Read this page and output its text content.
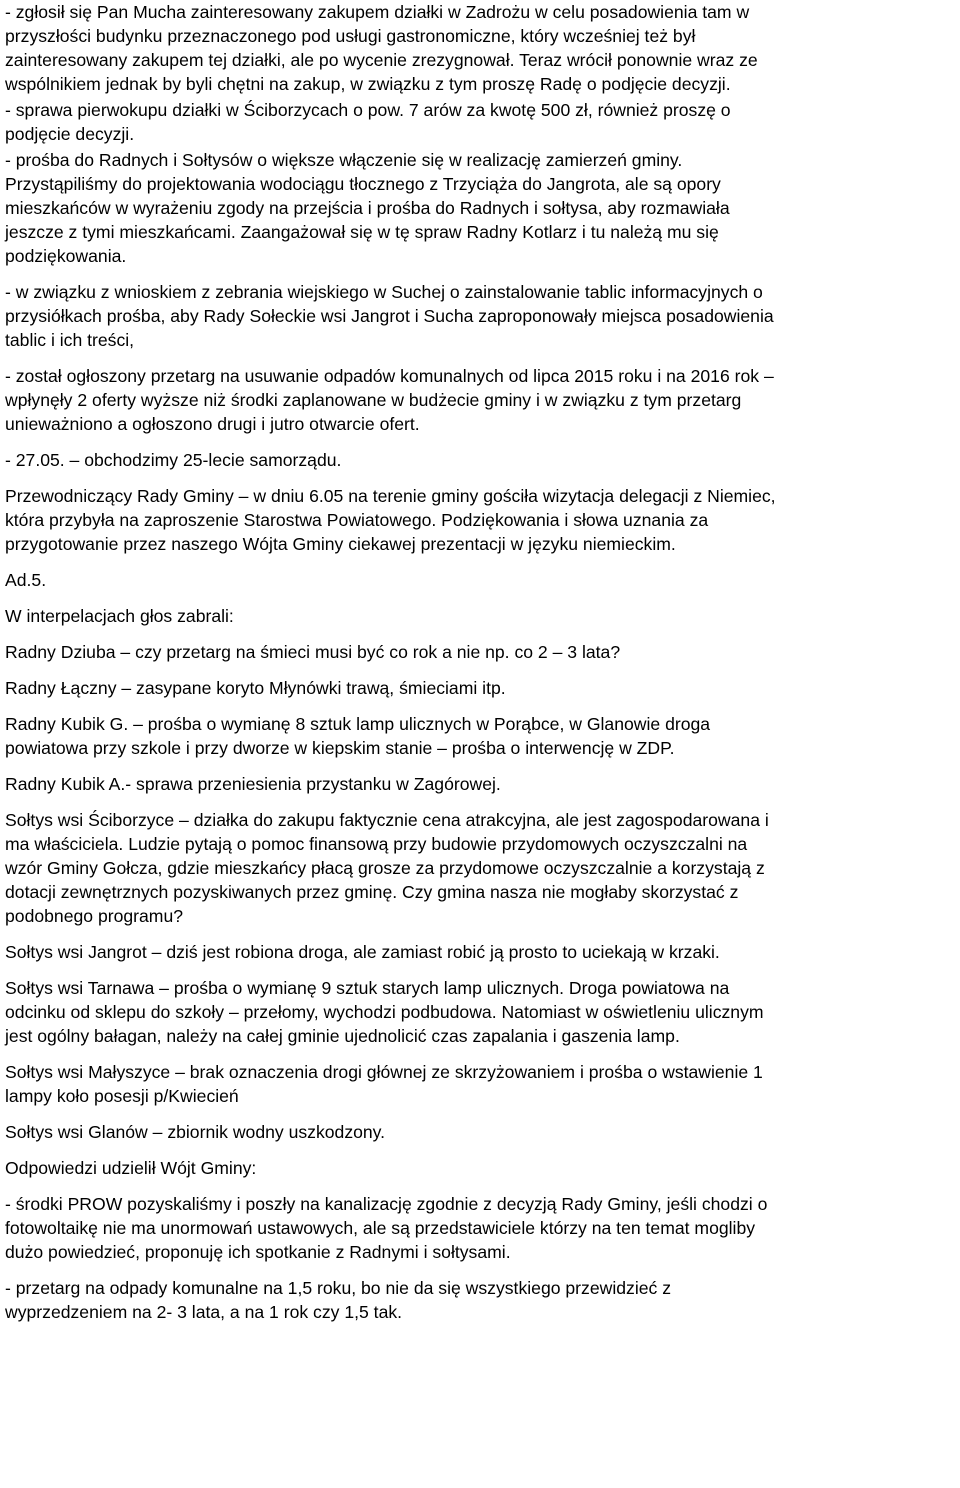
- zgłosił się Pan Mucha zainteresowany zakupem działki w Zadrożu w celu posadowienia tam w
przyszłości budynku przeznaczonego pod usługi gastronomiczne, który wcześniej też był
zainteresowany zakupem tej działki, ale po wycenie zrezygnował. Teraz wrócił ponownie wraz ze
wspólnikiem jednak by byli chętni na zakup, w związku z tym proszę Radę o podjęcie decyzji.
- sprawa pierwokupu działki w Ściborzycach o pow. 7 arów za kwotę 500 zł, również proszę o
podjęcie decyzji.
- prośba do Radnych i Sołtysów o większe włączenie się w realizację zamierzeń gminy.
Przystąpiliśmy do projektowania wodociągu tłocznego z Trzyciąża do Jangrota, ale są opory
mieszkańców w wyrażeniu zgody na przejścia i prośba do Radnych i sołtysa, aby rozmawiała
jeszcze z tymi mieszkańcami. Zaangażował się w tę spraw Radny Kotlarz i tu należą mu się
podziękowania.
- w związku z wnioskiem z zebrania wiejskiego w Suchej o zainstalowanie tablic informacyjnych o
przysiółkach prośba, aby Rady Sołeckie wsi Jangrot i Sucha zaproponowały miejsca posadowienia
tablic i ich treści,
- został ogłoszony przetarg na usuwanie odpadów komunalnych od lipca 2015 roku i na 2016 rok –
wpłynęły 2 oferty wyższe niż środki zaplanowane w budżecie gminy i w związku z tym przetarg
unieważniono a ogłoszono drugi i jutro otwarcie ofert.
- 27.05. – obchodzimy 25-lecie samorządu.
Przewodniczący Rady Gminy – w dniu 6.05 na terenie gminy gościła wizytacja delegacji z Niemiec,
która przybyła na zaproszenie Starostwa Powiatowego. Podziękowania i słowa uznania za
przygotowanie przez naszego Wójta Gminy ciekawej prezentacji w języku niemieckim.
Ad.5.
W interpelacjach głos zabrali:
Radny Dziuba – czy przetarg na śmieci musi być co rok a nie np. co 2 – 3 lata?
Radny Łączny – zasypane koryto Młynówki trawą, śmieciami itp.
Radny Kubik G. – prośba o wymianę 8 sztuk lamp ulicznych w Porąbce, w Glanowie droga
powiatowa przy szkole i przy dworze w kiepskim stanie – prośba o interwencję w ZDP.
Radny Kubik A.- sprawa przeniesienia przystanku w Zagórowej.
Sołtys wsi Ściborzyce – działka do zakupu faktycznie cena atrakcyjna, ale jest zagospodarowana i
ma właściciela. Ludzie pytają o pomoc finansową przy budowie przydomowych oczyszczalni na
wzór Gminy Gołcza, gdzie mieszkańcy płacą grosze za przydomowe oczyszczalnie a korzystają z
dotacji zewnętrznych pozyskiwanych przez gminę. Czy gmina nasza nie mogłaby skorzystać z
podobnego programu?
Sołtys wsi Jangrot – dziś jest robiona droga, ale zamiast robić ją prosto to uciekają w krzaki.
Sołtys wsi Tarnawa – prośba o wymianę 9 sztuk starych lamp ulicznych. Droga powiatowa na
odcinku od sklepu do szkoły – przełomy, wychodzi podbudowa. Natomiast w oświetleniu ulicznym
jest ogólny bałagan, należy na całej gminie ujednolicić czas zapalania i gaszenia lamp.
Sołtys wsi Małyszyce – brak oznaczenia drogi głównej ze skrzyżowaniem i prośba o wstawienie 1
lampy koło posesji p/Kwiecień
Sołtys wsi Glanów – zbiornik wodny uszkodzony.
Odpowiedzi udzielił Wójt Gminy:
- środki PROW pozyskaliśmy i poszły na kanalizację zgodnie z decyzją Rady Gminy, jeśli chodzi o
fotowoltaikę nie ma unormowań ustawowych, ale są przedstawiciele którzy na ten temat mogliby
dużo powiedzieć, proponuję ich spotkanie z Radnymi i sołtysami.
- przetarg na odpady komunalne na 1,5 roku, bo nie da się wszystkiego przewidzieć z
wyprzedzeniem na 2- 3 lata, a na 1 rok czy 1,5 tak.
